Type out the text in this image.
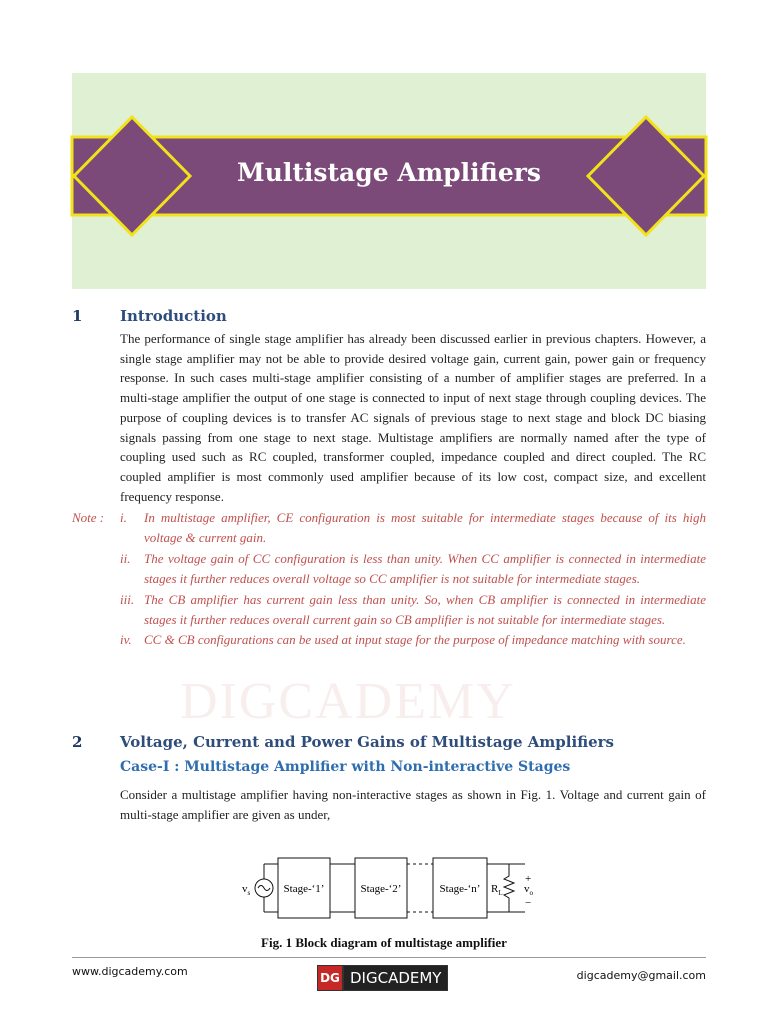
Multistage Amplifiers
DIGCADEMY
1	Introduction
The performance of single stage amplifier has already been discussed earlier in previous chapters. However, a single stage amplifier may not be able to provide desired voltage gain, current gain, power gain or frequency response. In such cases multi-stage amplifier consisting of a number of amplifier stages are preferred. In a multi-stage amplifier the output of one stage is connected to input of next stage through coupling devices. The purpose of coupling devices is to transfer AC signals of previous stage to next stage and block DC biasing signals passing from one stage to next stage. Multistage amplifiers are normally named after the type of coupling used such as RC coupled, transformer coupled, impedance coupled and direct coupled. The RC coupled amplifier is most commonly used amplifier because of its low cost, compact size, and excellent frequency response.
Note : i. In multistage amplifier, CE configuration is most suitable for intermediate stages because of its high voltage & current gain.
ii. The voltage gain of CC configuration is less than unity. When CC amplifier is connected in intermediate stages it further reduces overall voltage so CC amplifier is not suitable for intermediate stages.
iii. The CB amplifier has current gain less than unity. So, when CB amplifier is connected in intermediate stages it further reduces overall current gain so CB amplifier is not suitable for intermediate stages.
iv. CC & CB configurations can be used at input stage for the purpose of impedance matching with source.
2	Voltage, Current and Power Gains of Multistage Amplifiers
Case-I : Multistage Amplifier with Non-interactive Stages
Consider a multistage amplifier having non-interactive stages as shown in Fig. 1. Voltage and current gain of multi-stage amplifier are given as under,
$v_s$	Stage-‘1’	Stage-‘2’	Stage-‘n’ $R_L$
+
$v_o$
−
Fig. 1 Block diagram of multistage amplifier
www.digcademy.com	DG DIGCADEMY	digcademy@gmail.com
